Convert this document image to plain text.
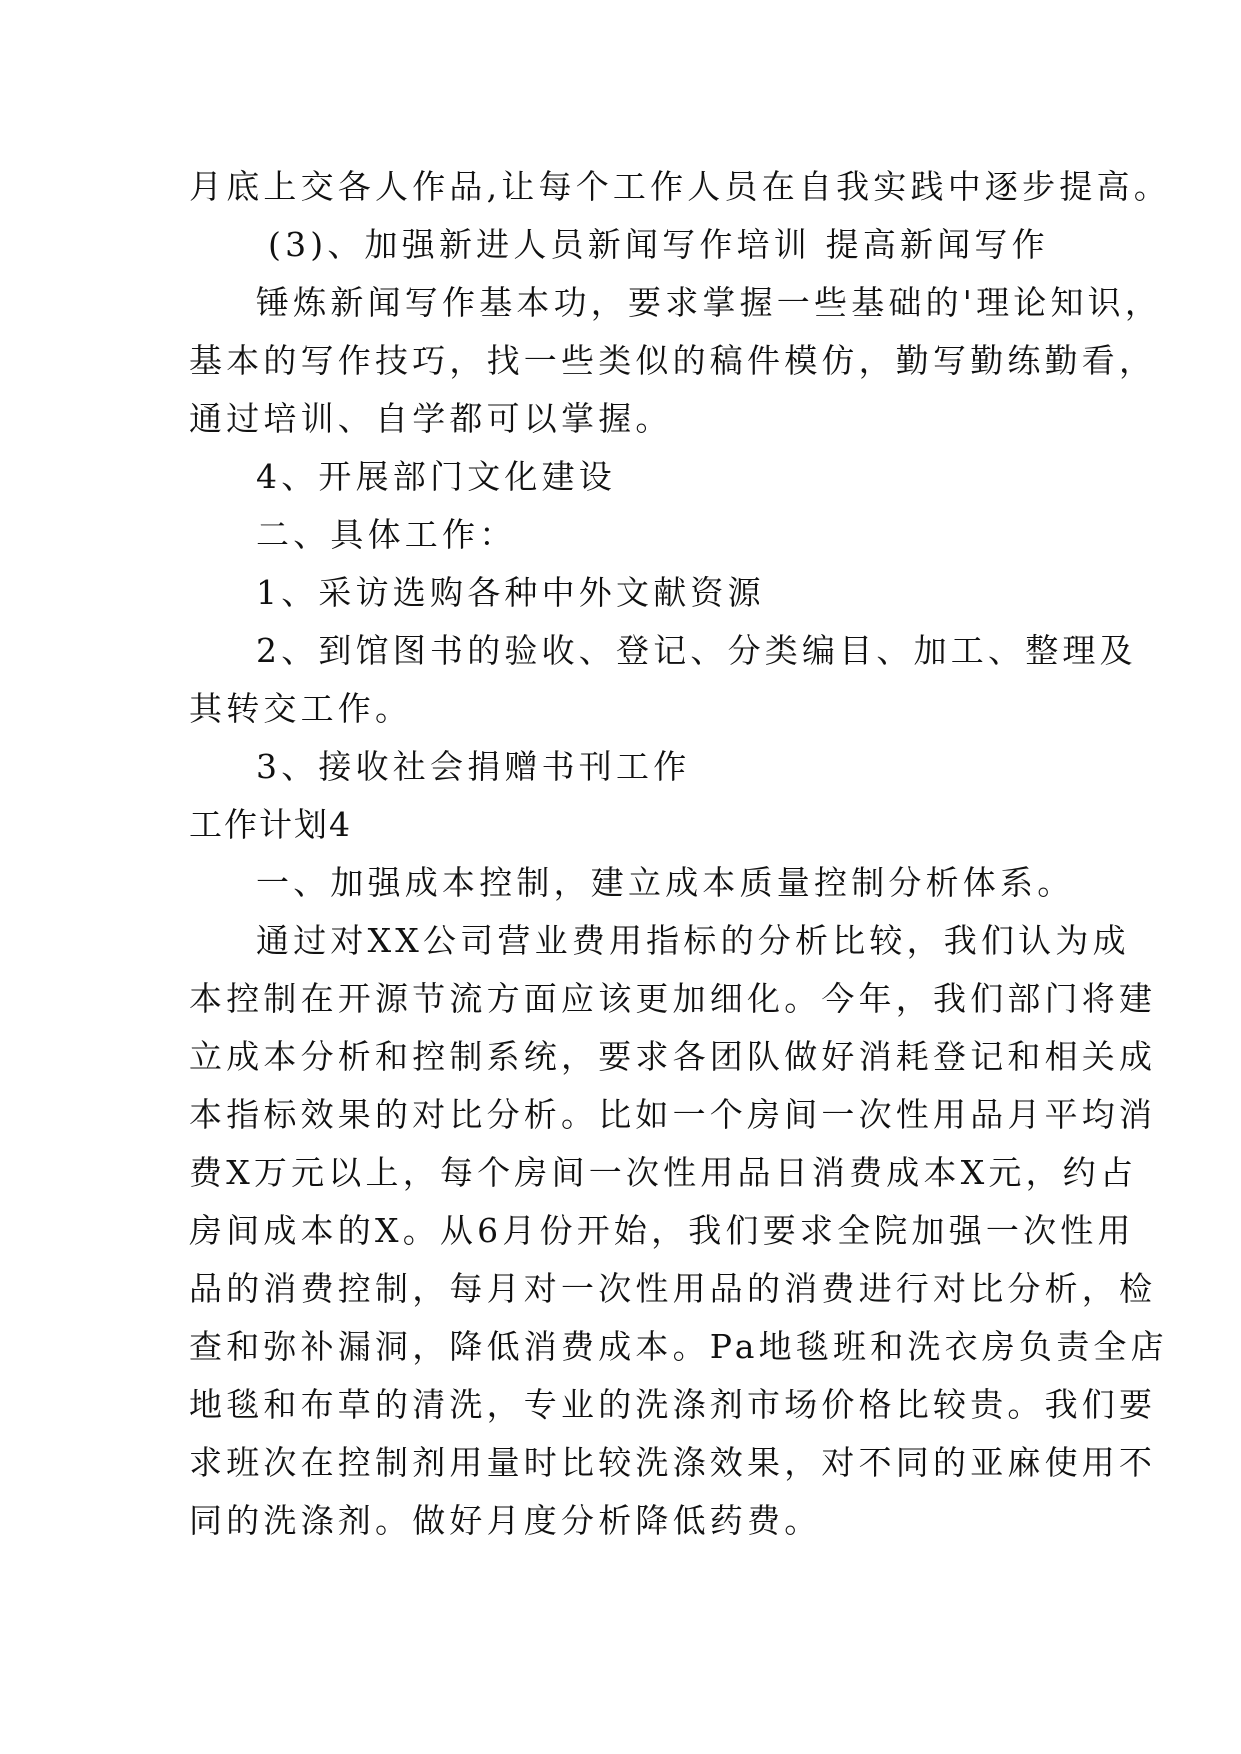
月底上交各人作品,让每个工作人员在自我实践中逐步提高。
(3)、加强新进人员新闻写作培训 提高新闻写作
锤炼新闻写作基本功，要求掌握一些基础的'理论知识，
基本的写作技巧，找一些类似的稿件模仿，勤写勤练勤看，
通过培训、自学都可以掌握。
4、开展部门文化建设
二、具体工作：
1、采访选购各种中外文献资源
2、到馆图书的验收、登记、分类编目、加工、整理及
其转交工作。
3、接收社会捐赠书刊工作
工作计划4
一、加强成本控制，建立成本质量控制分析体系。
通过对XX公司营业费用指标的分析比较，我们认为成
本控制在开源节流方面应该更加细化。今年，我们部门将建
立成本分析和控制系统，要求各团队做好消耗登记和相关成
本指标效果的对比分析。比如一个房间一次性用品月平均消
费X万元以上，每个房间一次性用品日消费成本X元，约占
房间成本的X。从6月份开始，我们要求全院加强一次性用
品的消费控制，每月对一次性用品的消费进行对比分析，检
查和弥补漏洞，降低消费成本。Pa地毯班和洗衣房负责全店
地毯和布草的清洗，专业的洗涤剂市场价格比较贵。我们要
求班次在控制剂用量时比较洗涤效果，对不同的亚麻使用不
同的洗涤剂。做好月度分析降低药费。
